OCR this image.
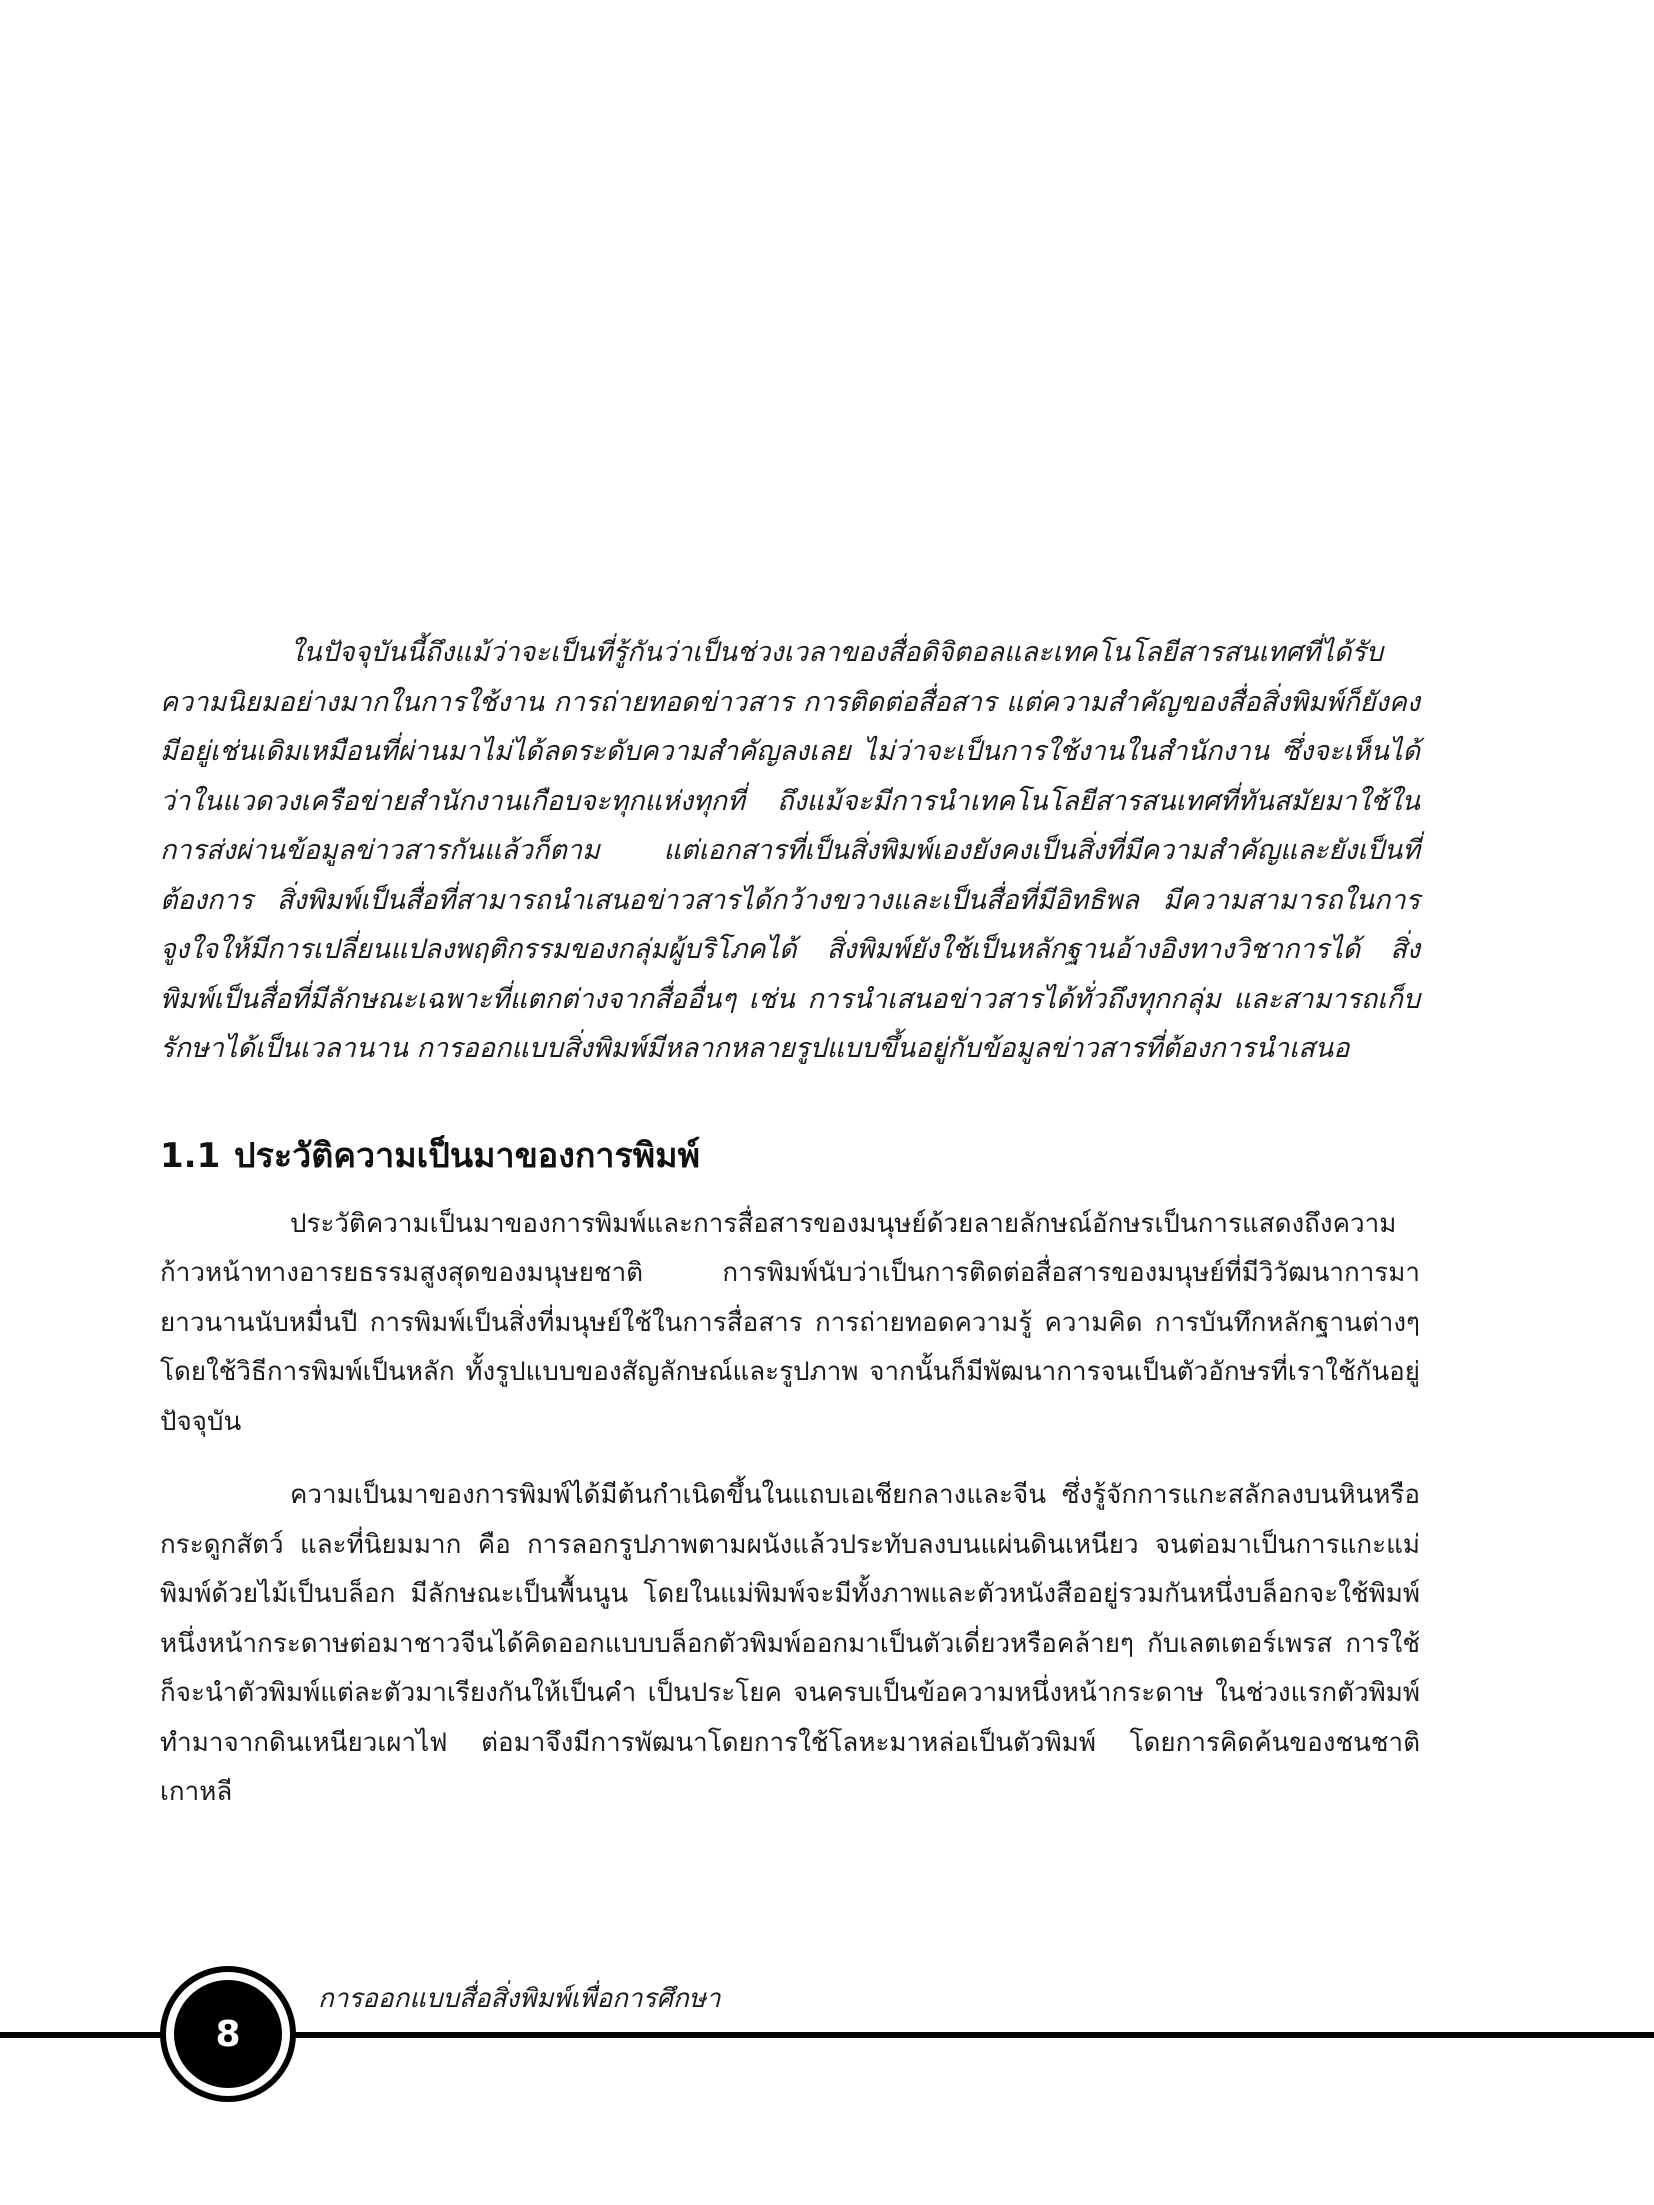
ในปัจจุบันนี้ถึงแม้ว่าจะเป็นที่รู้กันว่าเป็นช่วงเวลาของสื่อดิจิตอลและเทคโนโลยีสารสนเทศที่ได้รับความนิยมอย่างมากในการใช้งาน การถ่ายทอดข่าวสาร การติดต่อสื่อสาร แต่ความสำคัญของสื่อสิ่งพิมพ์ก็ยังคงมีอยู่เช่นเดิมเหมือนที่ผ่านมาไม่ได้ลดระดับความสำคัญลงเลย ไม่ว่าจะเป็นการใช้งานในสำนักงาน ซึ่งจะเห็นได้ว่าในแวดวงเครือข่ายสำนักงานเกือบจะทุกแห่งทุกที่ ถึงแม้จะมีการนำเทคโนโลยีสารสนเทศที่ทันสมัยมาใช้ในการส่งผ่านข้อมูลข่าวสารกันแล้วก็ตาม แต่เอกสารที่เป็นสิ่งพิมพ์เองยังคงเป็นสิ่งที่มีความสำคัญและยังเป็นที่ต้องการ สิ่งพิมพ์เป็นสื่อที่สามารถนำเสนอข่าวสารได้กว้างขวางและเป็นสื่อที่มีอิทธิพล มีความสามารถในการจูงใจให้มีการเปลี่ยนแปลงพฤติกรรมของกลุ่มผู้บริโภคได้ สิ่งพิมพ์ยังใช้เป็นหลักฐานอ้างอิงทางวิชาการได้ สิ่งพิมพ์เป็นสื่อที่มีลักษณะเฉพาะที่แตกต่างจากสื่ออื่นๆ เช่น การนำเสนอข่าวสารได้ทั่วถึงทุกกลุ่ม และสามารถเก็บรักษาได้เป็นเวลานาน การออกแบบสิ่งพิมพ์มีหลากหลายรูปแบบขึ้นอยู่กับข้อมูลข่าวสารที่ต้องการนำเสนอ

1.1 ประวัติความเป็นมาของการพิมพ์

ประวัติความเป็นมาของการพิมพ์และการสื่อสารของมนุษย์ด้วยลายลักษณ์อักษรเป็นการแสดงถึงความก้าวหน้าทางอารยธรรมสูงสุดของมนุษยชาติ การพิมพ์นับว่าเป็นการติดต่อสื่อสารของมนุษย์ที่มีวิวัฒนาการมายาวนานนับหมื่นปี การพิมพ์เป็นสิ่งที่มนุษย์ใช้ในการสื่อสาร การถ่ายทอดความรู้ ความคิด การบันทึกหลักฐานต่างๆ โดยใช้วิธีการพิมพ์เป็นหลัก ทั้งรูปแบบของสัญลักษณ์และรูปภาพ จากนั้นก็มีพัฒนาการจนเป็นตัวอักษรที่เราใช้กันอยู่ปัจจุบัน

ความเป็นมาของการพิมพ์ได้มีต้นกำเนิดขึ้นในแถบเอเชียกลางและจีน ซึ่งรู้จักการแกะสลักลงบนหินหรือกระดูกสัตว์ และที่นิยมมาก คือ การลอกรูปภาพตามผนังแล้วประทับลงบนแผ่นดินเหนียว จนต่อมาเป็นการแกะแม่พิมพ์ด้วยไม้เป็นบล็อก มีลักษณะเป็นพื้นนูน โดยในแม่พิมพ์จะมีทั้งภาพและตัวหนังสืออยู่รวมกันหนึ่งบล็อกจะใช้พิมพ์หนึ่งหน้ากระดาษต่อมาชาวจีนได้คิดออกแบบบล็อกตัวพิมพ์ออกมาเป็นตัวเดี่ยวหรือคล้ายๆ กับเลตเตอร์เพรส การใช้ก็จะนำตัวพิมพ์แต่ละตัวมาเรียงกันให้เป็นคำ เป็นประโยค จนครบเป็นข้อความหนึ่งหน้ากระดาษ ในช่วงแรกตัวพิมพ์ทำมาจากดินเหนียวเผาไฟ ต่อมาจึงมีการพัฒนาโดยการใช้โลหะมาหล่อเป็นตัวพิมพ์ โดยการคิดค้นของชนชาติเกาหลี

การออกแบบสื่อสิ่งพิมพ์เพื่อการศึกษา
8
